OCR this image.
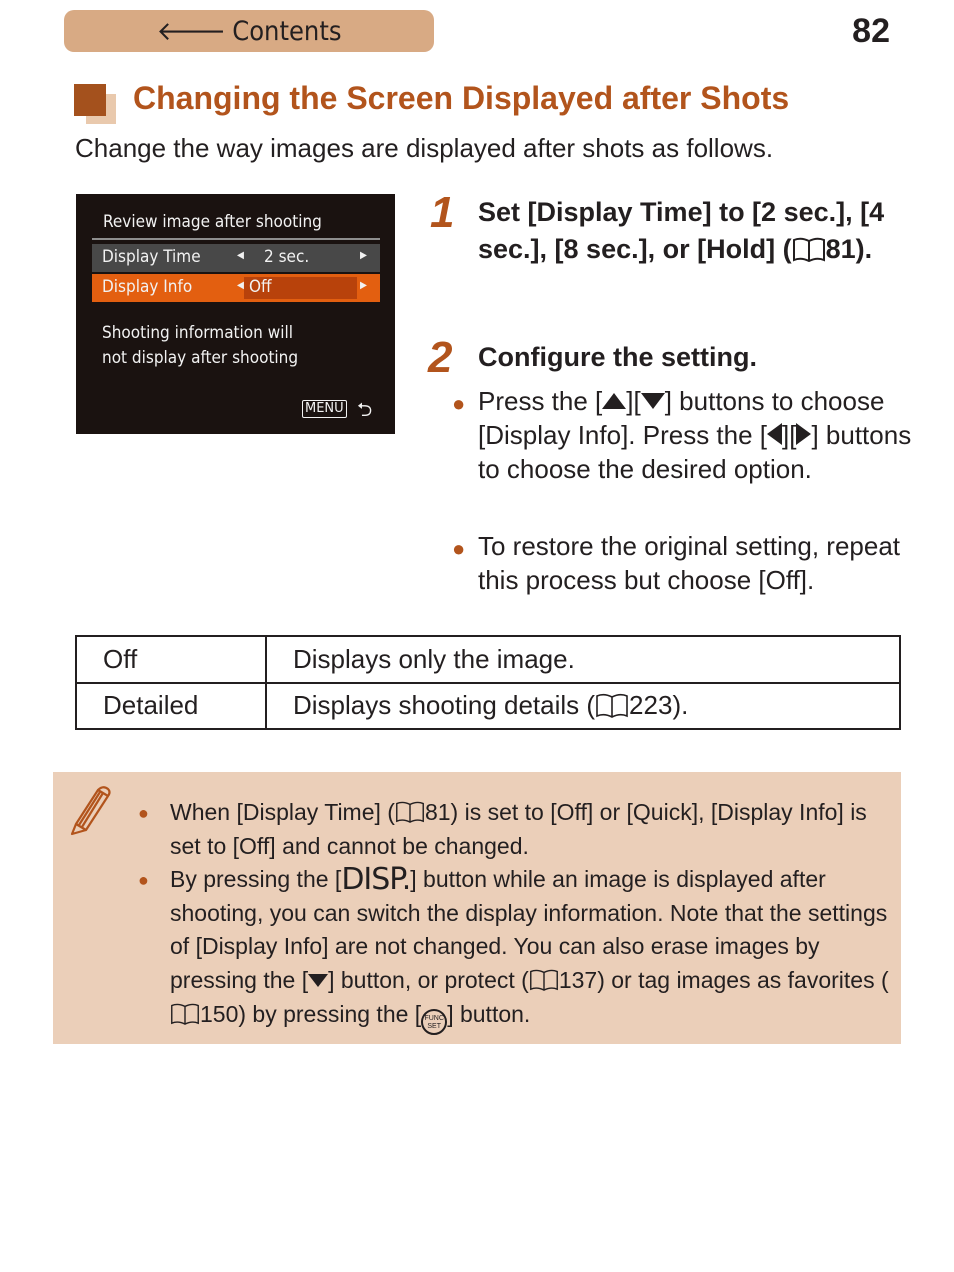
🡐 Contents	82
Changing the Screen Displayed after Shots
Change the way images are displayed after shots as follows.
Review image after shooting
Display Time	◀ 2 sec.	▶
Display Info	◀ Off	▶
Shooting information will
not display after shooting
MENU ⮌
1 Set [Display Time] to [2 sec.], [4 sec.], [8 sec.], or [Hold] ( 81).
2 Configure the setting.
● Press the [ ][ ] buttons to choose [Display Info]. Press the [ ][ ] buttons to choose the desired option.
● To restore the original setting, repeat this process but choose [Off].
Off	Displays only the image.
Detailed	Displays shooting details ( 223).
● When [Display Time] ( 81) is set to [Off] or [Quick], [Display Info] is set to [Off] and cannot be changed.
● By pressing the [DISP.] button while an image is displayed after shooting, you can switch the display information. Note that the settings of [Display Info] are not changed. You can also erase images by pressing the [ ] button, or protect ( 137) or tag images as favorites (150) by pressing the [ FUNC
SET ] button.
